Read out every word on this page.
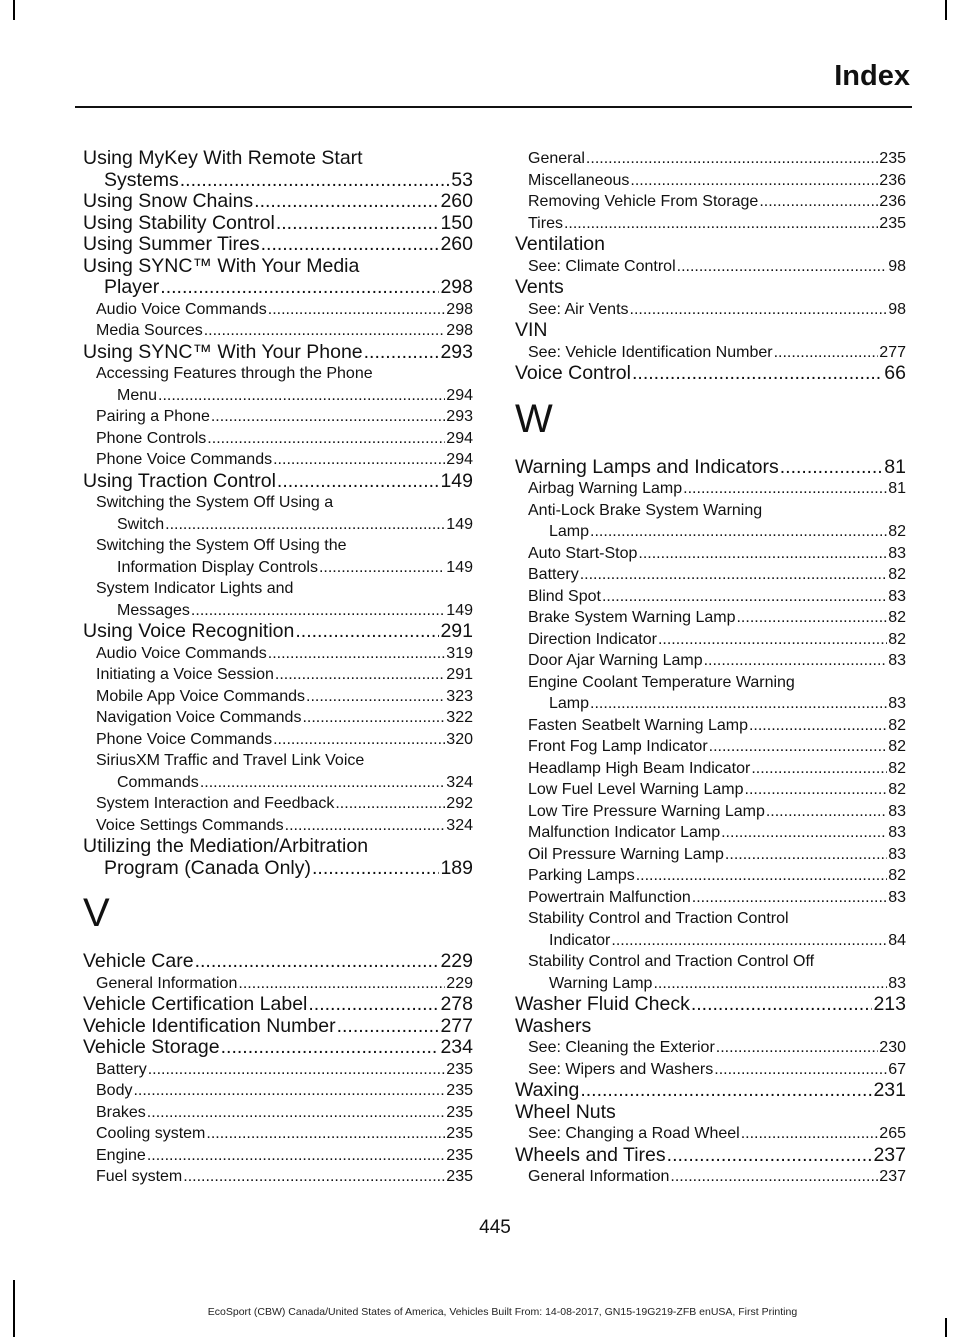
Index
Using MyKey With Remote Start
Systems .....	53
Using Snow Chains .....	260
Using Stability Control .....	150
Using Summer Tires .....	260
Using SYNC™ With Your Media
Player .....	298
Audio Voice Commands .....	298
Media Sources .....	298
Using SYNC™ With Your Phone .....	293
Accessing Features through the Phone
Menu .....	294
Pairing a Phone .....	293
Phone Controls .....	294
Phone Voice Commands .....	294
Using Traction Control .....	149
Switching the System Off Using a
Switch .....	149
Switching the System Off Using the
Information Display Controls .....	149
System Indicator Lights and
Messages .....	149
Using Voice Recognition .....	291
Audio Voice Commands .....	319
Initiating a Voice Session .....	291
Mobile App Voice Commands .....	323
Navigation Voice Commands .....	322
Phone Voice Commands .....	320
SiriusXM Traffic and Travel Link Voice
Commands .....	324
System Interaction and Feedback .....	292
Voice Settings Commands .....	324
Utilizing the Mediation/Arbitration
Program (Canada Only) .....	189
V
Vehicle Care .....	229
General Information .....	229
Vehicle Certification Label .....	278
Vehicle Identification Number .....	277
Vehicle Storage .....	234
Battery .....	235
Body .....	235
Brakes .....	235
Cooling system .....	235
Engine .....	235
Fuel system .....	235
General .....	235
Miscellaneous .....	236
Removing Vehicle From Storage .....	236
Tires .....	235
Ventilation
See: Climate Control .....	98
Vents
See: Air Vents .....	98
VIN
See: Vehicle Identification Number .....	277
Voice Control .....	66
W
Warning Lamps and Indicators .....	81
Airbag Warning Lamp .....	81
Anti-Lock Brake System Warning
Lamp .....	82
Auto Start-Stop .....	83
Battery .....	82
Blind Spot .....	83
Brake System Warning Lamp .....	82
Direction Indicator .....	82
Door Ajar Warning Lamp .....	83
Engine Coolant Temperature Warning
Lamp .....	83
Fasten Seatbelt Warning Lamp .....	82
Front Fog Lamp Indicator .....	82
Headlamp High Beam Indicator .....	82
Low Fuel Level Warning Lamp .....	82
Low Tire Pressure Warning Lamp .....	83
Malfunction Indicator Lamp .....	83
Oil Pressure Warning Lamp .....	83
Parking Lamps .....	82
Powertrain Malfunction .....	83
Stability Control and Traction Control
Indicator .....	84
Stability Control and Traction Control Off
Warning Lamp .....	83
Washer Fluid Check .....	213
Washers
See: Cleaning the Exterior .....	230
See: Wipers and Washers .....	67
Waxing .....	231
Wheel Nuts
See: Changing a Road Wheel .....	265
Wheels and Tires .....	237
General Information .....	237
445
EcoSport (CBW) Canada/United States of America, Vehicles Built From: 14-08-2017, GN15-19G219-ZFB enUSA, First Printing
